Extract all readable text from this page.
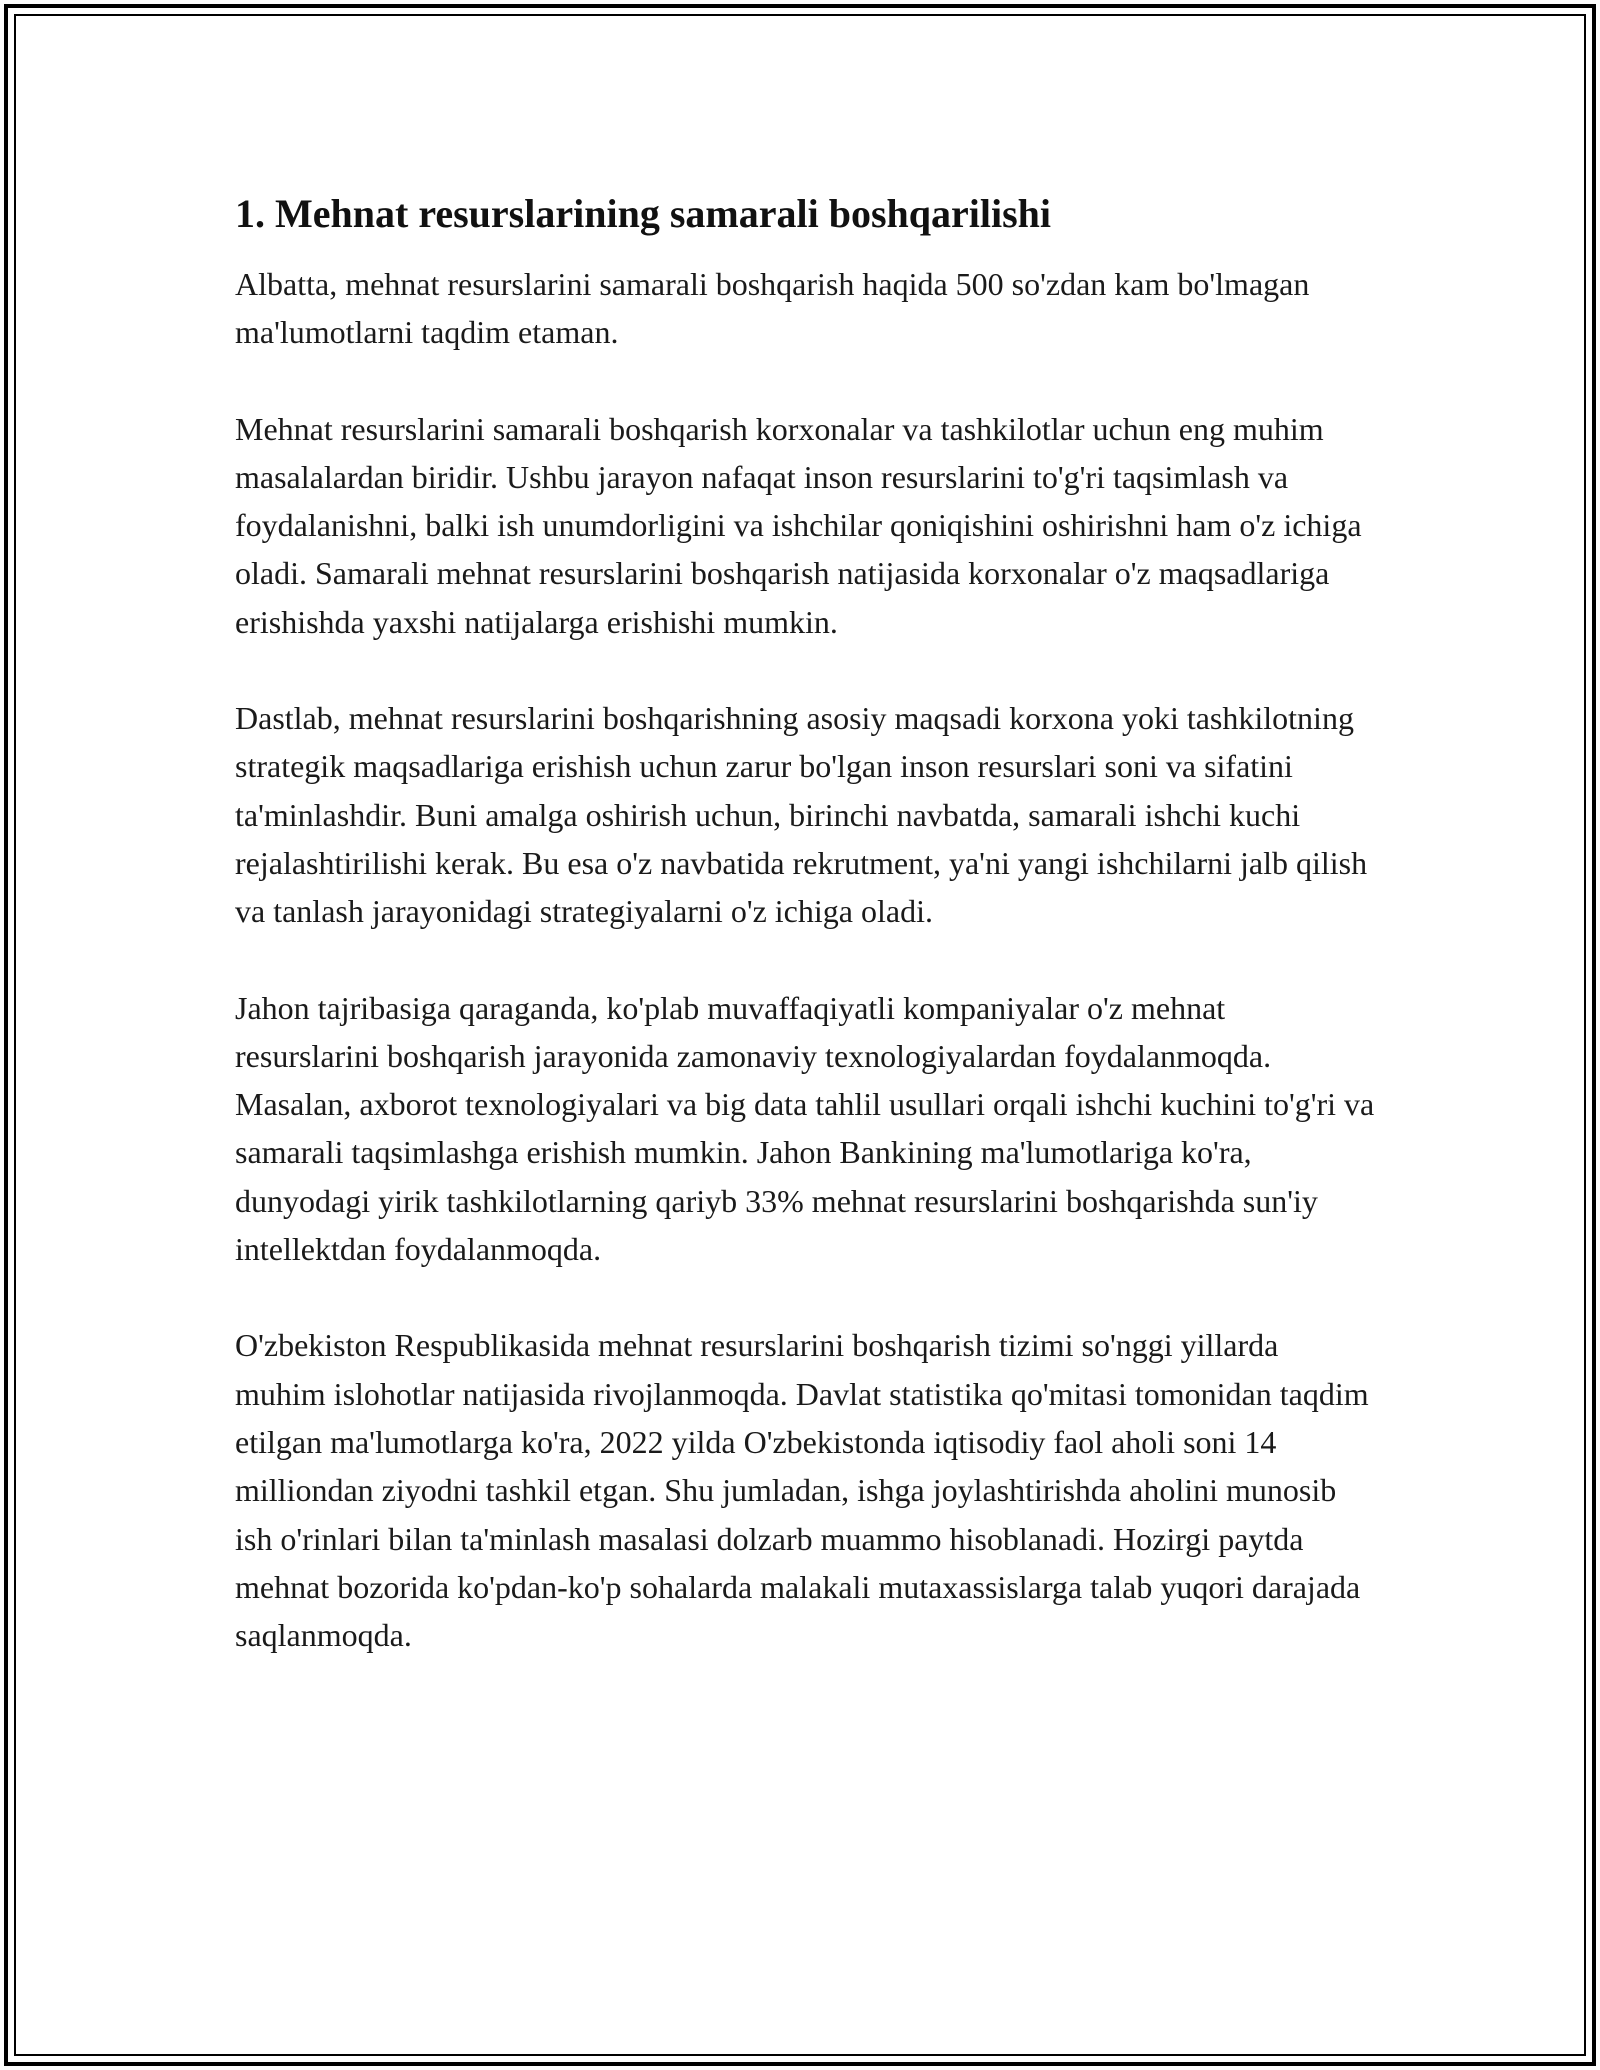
1. Mehnat resurslarining samarali boshqarilishi

Albatta, mehnat resurslarini samarali boshqarish haqida 500 so'zdan kam bo'lmagan ma'lumotlarni taqdim etaman.

Mehnat resurslarini samarali boshqarish korxonalar va tashkilotlar uchun eng muhim masalalardan biridir. Ushbu jarayon nafaqat inson resurslarini to'g'ri taqsimlash va foydalanishni, balki ish unumdorligini va ishchilar qoniqishini oshirishni ham o'z ichiga oladi. Samarali mehnat resurslarini boshqarish natijasida korxonalar o'z maqsadlariga erishishda yaxshi natijalarga erishishi mumkin.

Dastlab, mehnat resurslarini boshqarishning asosiy maqsadi korxona yoki tashkilotning strategik maqsadlariga erishish uchun zarur bo'lgan inson resurslari soni va sifatini ta'minlashdir. Buni amalga oshirish uchun, birinchi navbatda, samarali ishchi kuchi rejalashtirilishi kerak. Bu esa o'z navbatida rekrutment, ya'ni yangi ishchilarni jalb qilish va tanlash jarayonidagi strategiyalarni o'z ichiga oladi.

Jahon tajribasiga qaraganda, ko'plab muvaffaqiyatli kompaniyalar o'z mehnat resurslarini boshqarish jarayonida zamonaviy texnologiyalardan foydalanmoqda. Masalan, axborot texnologiyalari va big data tahlil usullari orqali ishchi kuchini to'g'ri va samarali taqsimlashga erishish mumkin. Jahon Bankining ma'lumotlariga ko'ra, dunyodagi yirik tashkilotlarning qariyb 33% mehnat resurslarini boshqarishda sun'iy intellektdan foydalanmoqda.

O'zbekiston Respublikasida mehnat resurslarini boshqarish tizimi so'nggi yillarda muhim islohotlar natijasida rivojlanmoqda. Davlat statistika qo'mitasi tomonidan taqdim etilgan ma'lumotlarga ko'ra, 2022 yilda O'zbekistonda iqtisodiy faol aholi soni 14 milliondan ziyodni tashkil etgan. Shu jumladan, ishga joylashtirishda aholini munosib ish o'rinlari bilan ta'minlash masalasi dolzarb muammo hisoblanadi. Hozirgi paytda mehnat bozorida ko'pdan-ko'p sohalarda malakali mutaxassislarga talab yuqori darajada saqlanmoqda.
